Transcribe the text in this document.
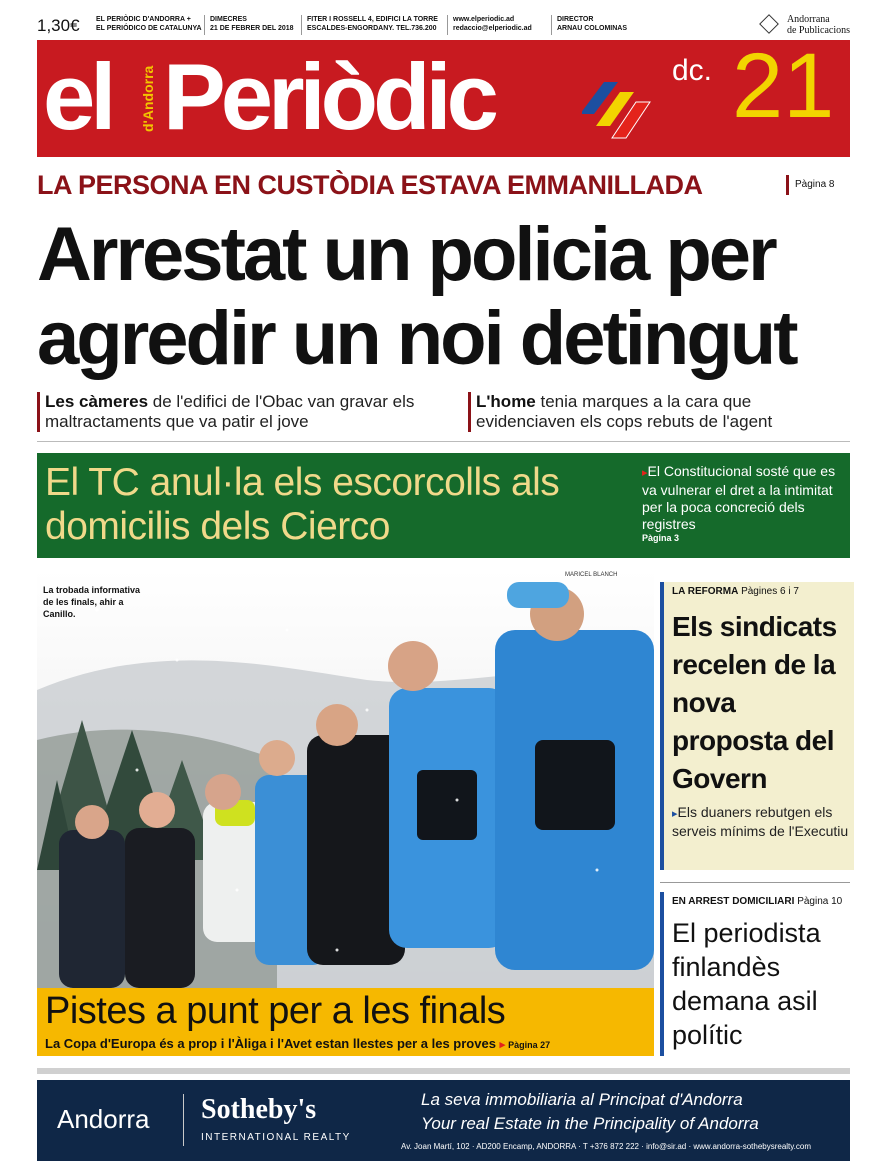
1,30€ EL PERIÒDIC D'ANDORRA +
EL PERIÓDICO DE CATALUNYA
DIMECRES
21 DE FEBRER DEL 2018
FITER I ROSSELL 4, EDIFICI LA TORRE
ESCALDES-ENGORDANY. TEL.736.200
www.elperiodic.ad
redaccio@elperiodic.ad
DIRECTOR
ARNAU COLOMINAS
Andorrana
de Publicacions
el d'Andorra Periòdic	dc. 21
LA PERSONA EN CUSTÒDIA ESTAVA EMMANILLADA	Pàgina 8
Arrestat un policia per
agredir un noi detingut
Les càmeres de l'edifici de l'Obac van gravar els maltractaments que va patir el jove
L'home tenia marques a la cara que evidenciaven els cops rebuts de l'agent
El TC anul·la els escorcolls als domicilis dels Cierco
▸El Constitucional sosté que es va vulnerar el dret a la intimitat per la poca concreció dels registres
Pàgina 3
MARICEL BLANCH
La trobada informativa de les finals, ahir a Canillo.
Pistes a punt per a les finals
La Copa d'Europa és a prop i l'Àliga i l'Avet estan llestes per a les proves ▸ Pàgina 27
LA REFORMA Pàgines 6 i 7
Els sindicats recelen de la nova proposta del Govern
▸Els duaners rebutgen els serveis mínims de l'Executiu
EN ARREST DOMICILIARI Pàgina 10
El periodista finlandès demana asil polític
Andorra Sotheby's
INTERNATIONAL REALTY
La seva immobiliaria al Principat d'Andorra
Your real Estate in the Principality of Andorra
Av. Joan Martí, 102 · AD200 Encamp, ANDORRA · T +376 872 222 · info@sir.ad · www.andorra-sothebysrealty.com
